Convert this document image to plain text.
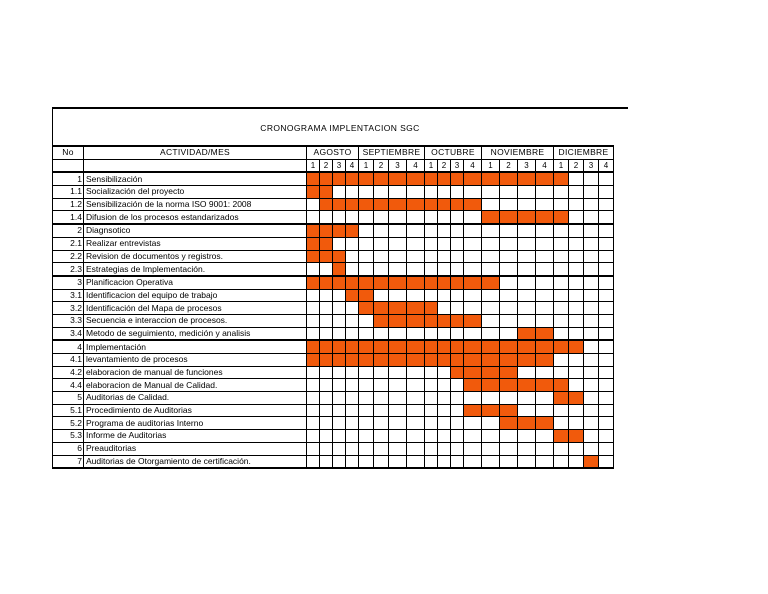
CRONOGRAMA IMPLENTACION SGC
No	ACTIVIDAD/MES	AGOSTO				SEPTIEMBRE				OCTUBRE				NOVIEMBRE				DICIEMBRE			
		1	2	3	4	1	2	3	4	1	2	3	4	1	2	3	4	1	2	3	4
1	Sensibilización																				
1.1	Socialización del proyecto																				
1.2	Sensibilización de la norma ISO 9001: 2008																				
1.4	Difusion de los procesos estandarizados																				
2	Diagnsotico																				
2.1	Realizar entrevistas																				
2.2	Revision de documentos y registros.																				
2.3	Estrategias de Implementación.																				
3	Planificacion Operativa																				
3.1	Identificacion del equipo de trabajo																				
3.2	Identificación del Mapa de procesos																				
3.3	Secuencia e interaccion de procesos.																				
3.4	Metodo de seguimiento, medición y analisis																				
4	Implementación																				
4.1	levantamiento de procesos																				
4.2	elaboracion de manual de funciones																				
4.4	elaboracion de Manual de Calidad.																				
5	Auditorias de Calidad.																				
5.1	Procedimiento de Auditorias																				
5.2	Programa de auditorias Interno																				
5.3	Informe de Auditorias																				
6	Preauditorias																				
7	Auditorias de Otorgamiento de certificación.																				
